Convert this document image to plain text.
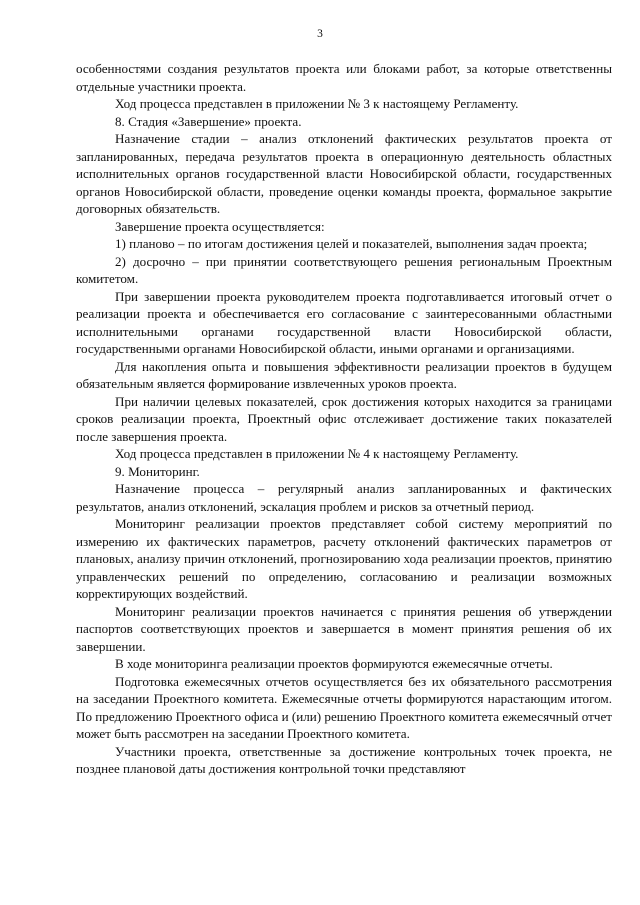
3

особенностями создания результатов проекта или блоками работ, за которые ответственны отдельные участники проекта.

Ход процесса представлен в приложении № 3 к настоящему Регламенту.

8. Стадия «Завершение» проекта.

Назначение стадии – анализ отклонений фактических результатов проекта от запланированных, передача результатов проекта в операционную деятельность областных исполнительных органов государственной власти Новосибирской области, государственных органов Новосибирской области, проведение оценки команды проекта, формальное закрытие договорных обязательств.

Завершение проекта осуществляется:

1) планово – по итогам достижения целей и показателей, выполнения задач проекта;

2) досрочно – при принятии соответствующего решения региональным Проектным комитетом.

При завершении проекта руководителем проекта подготавливается итоговый отчет о реализации проекта и обеспечивается его согласование с заинтересованными областными исполнительными органами государственной власти Новосибирской области, государственными органами Новосибирской области, иными органами и организациями.

Для накопления опыта и повышения эффективности реализации проектов в будущем обязательным является формирование извлеченных уроков проекта.

При наличии целевых показателей, срок достижения которых находится за границами сроков реализации проекта, Проектный офис отслеживает достижение таких показателей после завершения проекта.

Ход процесса представлен в приложении № 4 к настоящему Регламенту.

9. Мониторинг.

Назначение процесса – регулярный анализ запланированных и фактических результатов, анализ отклонений, эскалация проблем и рисков за отчетный период.

Мониторинг реализации проектов представляет собой систему мероприятий по измерению их фактических параметров, расчету отклонений фактических параметров от плановых, анализу причин отклонений, прогнозированию хода реализации проектов, принятию управленческих решений по определению, согласованию и реализации возможных корректирующих воздействий.

Мониторинг реализации проектов начинается с принятия решения об утверждении паспортов соответствующих проектов и завершается в момент принятия решения об их завершении.

В ходе мониторинга реализации проектов формируются ежемесячные отчеты.

Подготовка ежемесячных отчетов осуществляется без их обязательного рассмотрения на заседании Проектного комитета. Ежемесячные отчеты формируются нарастающим итогом. По предложению Проектного офиса и (или) решению Проектного комитета ежемесячный отчет может быть рассмотрен на заседании Проектного комитета.

Участники проекта, ответственные за достижение контрольных точек проекта, не позднее плановой даты достижения контрольной точки представляют
